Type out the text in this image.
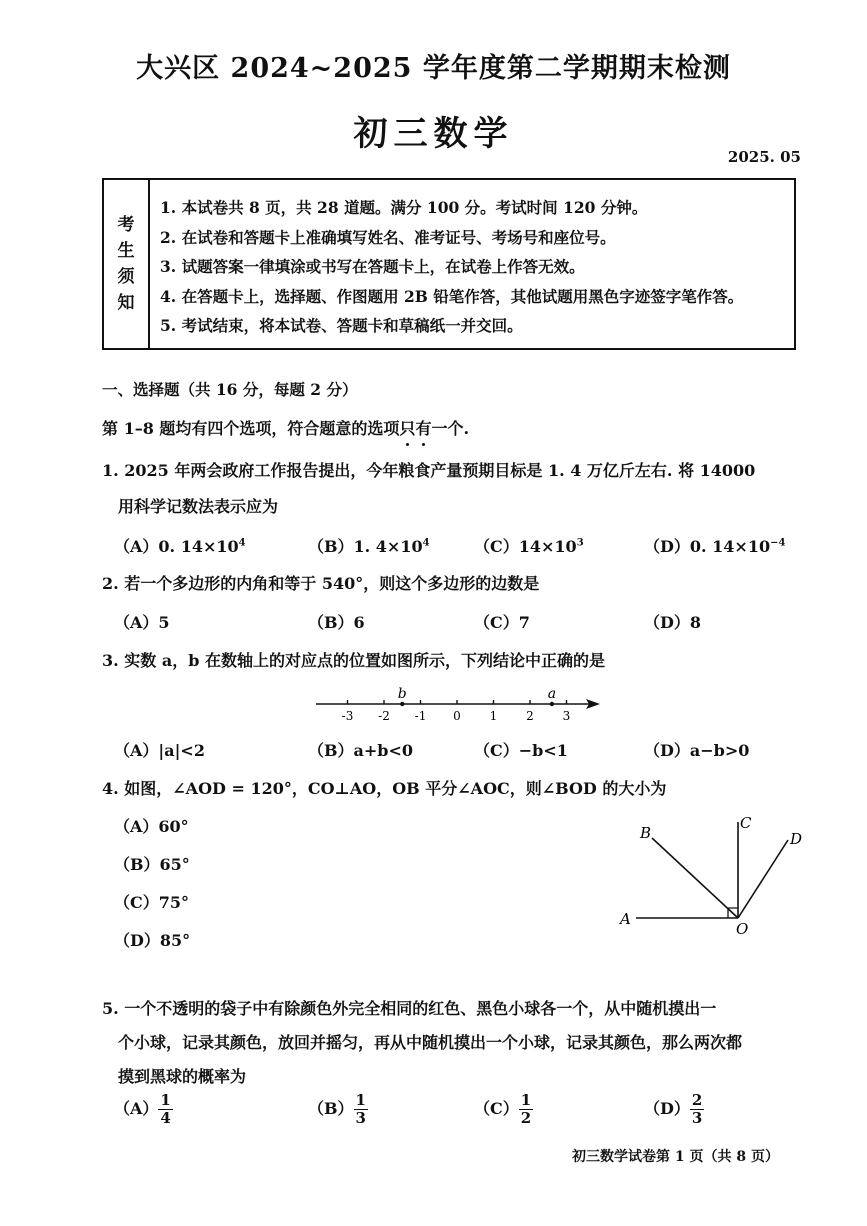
大兴区 2024~2025 学年度第二学期期末检测
初三数学
2025. 05
考
生
须
知
1. 本试卷共 8 页，共 28 道题。满分 100 分。考试时间 120 分钟。
2. 在试卷和答题卡上准确填写姓名、准考证号、考场号和座位号。
3. 试题答案一律填涂或书写在答题卡上，在试卷上作答无效。
4. 在答题卡上，选择题、作图题用 2B 铅笔作答，其他试题用黑色字迹签字笔作答。
5. 考试结束，将本试卷、答题卡和草稿纸一并交回。
一、选择题（共 16 分，每题 2 分）
第 1–8 题均有四个选项，符合题意的选项只有一个.
1. 2025 年两会政府工作报告提出，今年粮食产量预期目标是 1. 4 万亿斤左右. 将 14000
用科学记数法表示应为
（A）0. $14\times 10^4$	（B）1. $4\times 10^4$	$(C)14\times 10^3$	（D）0. $14\times 10^{-4}$
2. 若一个多边形的内角和等于 540°，则这个多边形的边数是
（A）5	（B）6	（C）7	（D）8
3. 实数 a，b 在数轴上的对应点的位置如图所示，下列结论中正确的是
-3 -2 -1 0 1 2 3
b	a
（A）|a|<2	（B）a+b<0	（C）−b<1	（D）a−b>0
4. 如图，∠AOD = 120°，CO⊥AO，OB 平分∠AOC，则∠BOD 的大小为
（A）60°
（B）65°
（C）75°
（D）85°
A
B
C
D
O
5. 一个不透明的袋子中有除颜色外完全相同的红色、黑色小球各一个，从中随机摸出一
个小球，记录其颜色，放回并摇匀，再从中随机摸出一个小球，记录其颜色，那么两次都
摸到黑球的概率为
$(A) \frac{1}{4}$	$(B) \frac{1}{3}$	$(C) \frac{1}{2}$	$(D) \frac{2}{3}$
初三数学试卷第 1 页（共 8 页）
